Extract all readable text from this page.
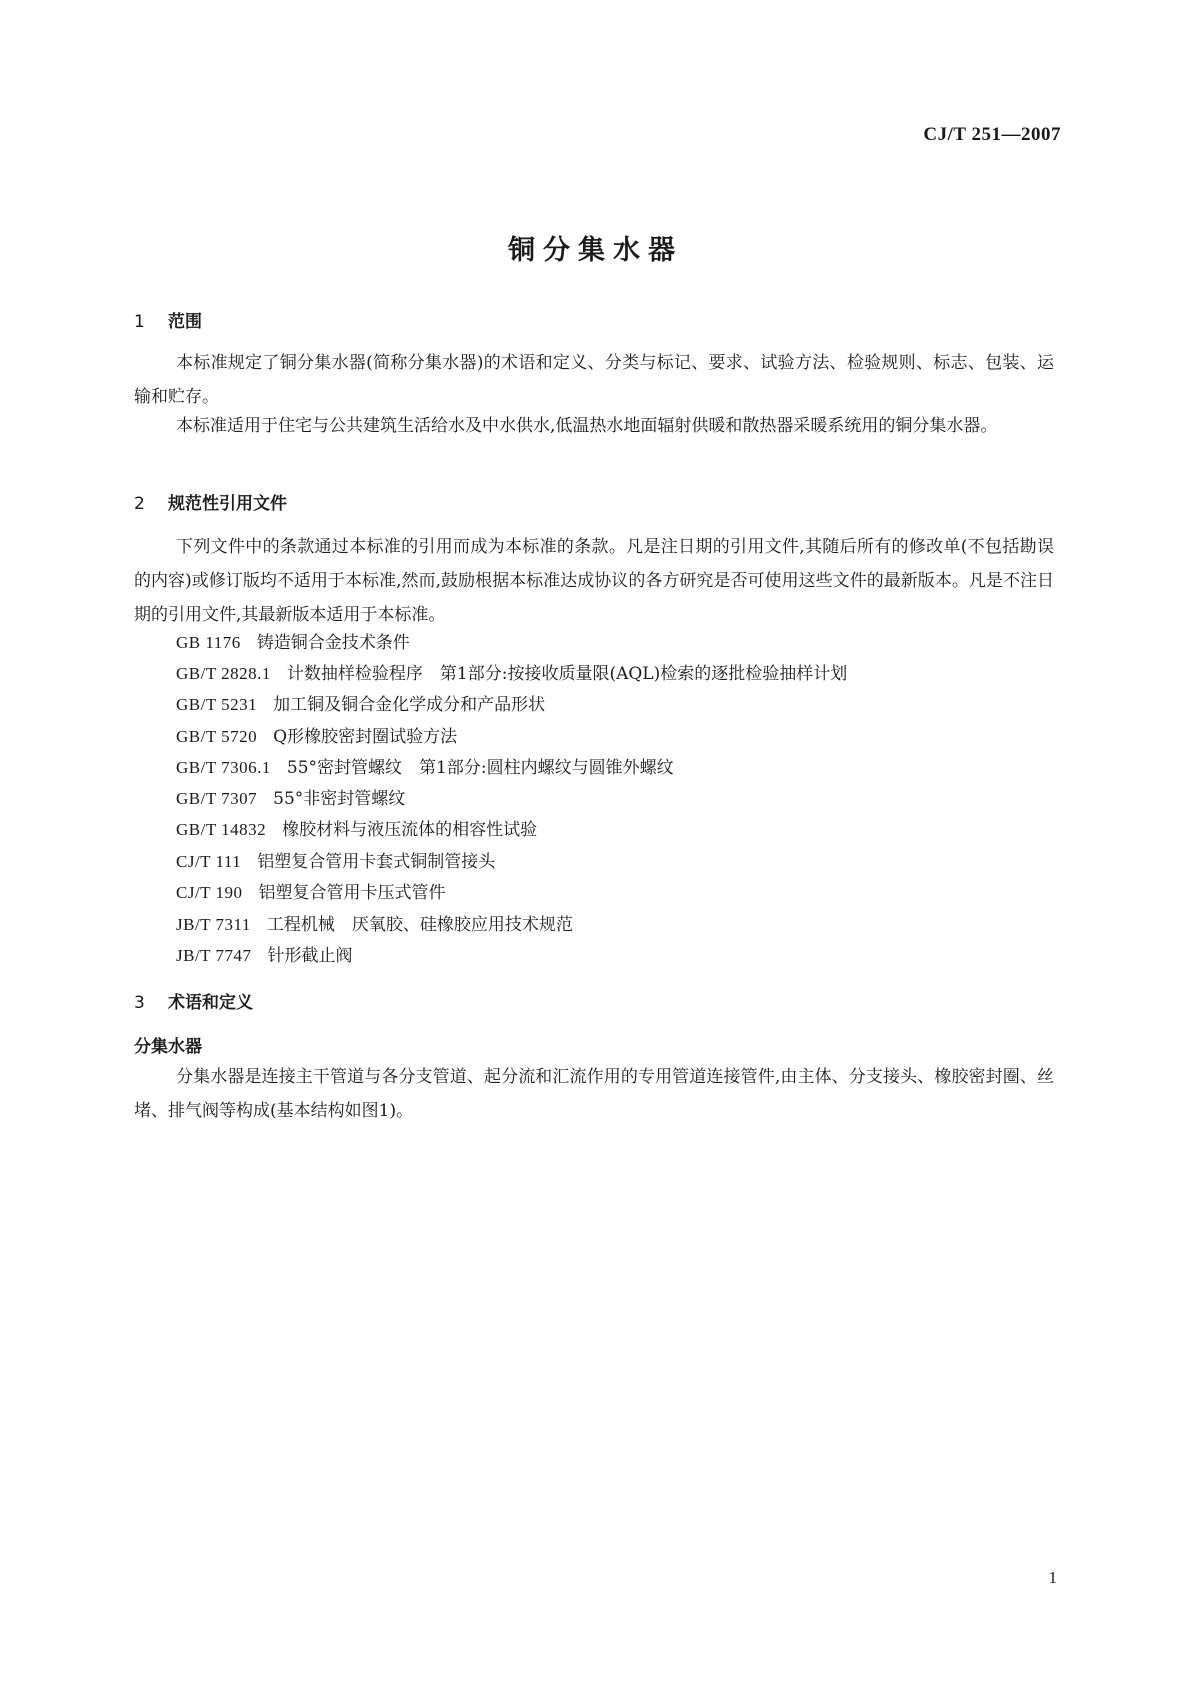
CJ/T 251—2007
铜分集水器
1 范围

本标准规定了铜分集水器(简称分集水器)的术语和定义、分类与标记、要求、试验方法、检验规则、标志、包装、运输和贮存。

本标准适用于住宅与公共建筑生活给水及中水供水,低温热水地面辐射供暖和散热器采暖系统用的铜分集水器。

2 规范性引用文件

下列文件中的条款通过本标准的引用而成为本标准的条款。凡是注日期的引用文件,其随后所有的修改单(不包括勘误的内容)或修订版均不适用于本标准,然而,鼓励根据本标准达成协议的各方研究是否可使用这些文件的最新版本。凡是不注日期的引用文件,其最新版本适用于本标准。

GB 1176 铸造铜合金技术条件
GB/T 2828.1 计数抽样检验程序　第1部分:按接收质量限(AQL)检索的逐批检验抽样计划
GB/T 5231 加工铜及铜合金化学成分和产品形状
GB/T 5720 Q形橡胶密封圈试验方法
GB/T 7306.1 55°密封管螺纹　第1部分:圆柱内螺纹与圆锥外螺纹
GB/T 7307 55°非密封管螺纹
GB/T 14832 橡胶材料与液压流体的相容性试验
CJ/T 111 铝塑复合管用卡套式铜制管接头
CJ/T 190 铝塑复合管用卡压式管件
JB/T 7311 工程机械　厌氧胶、硅橡胶应用技术规范
JB/T 7747 针形截止阀
3 术语和定义
分集水器

分集水器是连接主干管道与各分支管道、起分流和汇流作用的专用管道连接管件,由主体、分支接头、橡胶密封圈、丝堵、排气阀等构成(基本结构如图1)。

1
